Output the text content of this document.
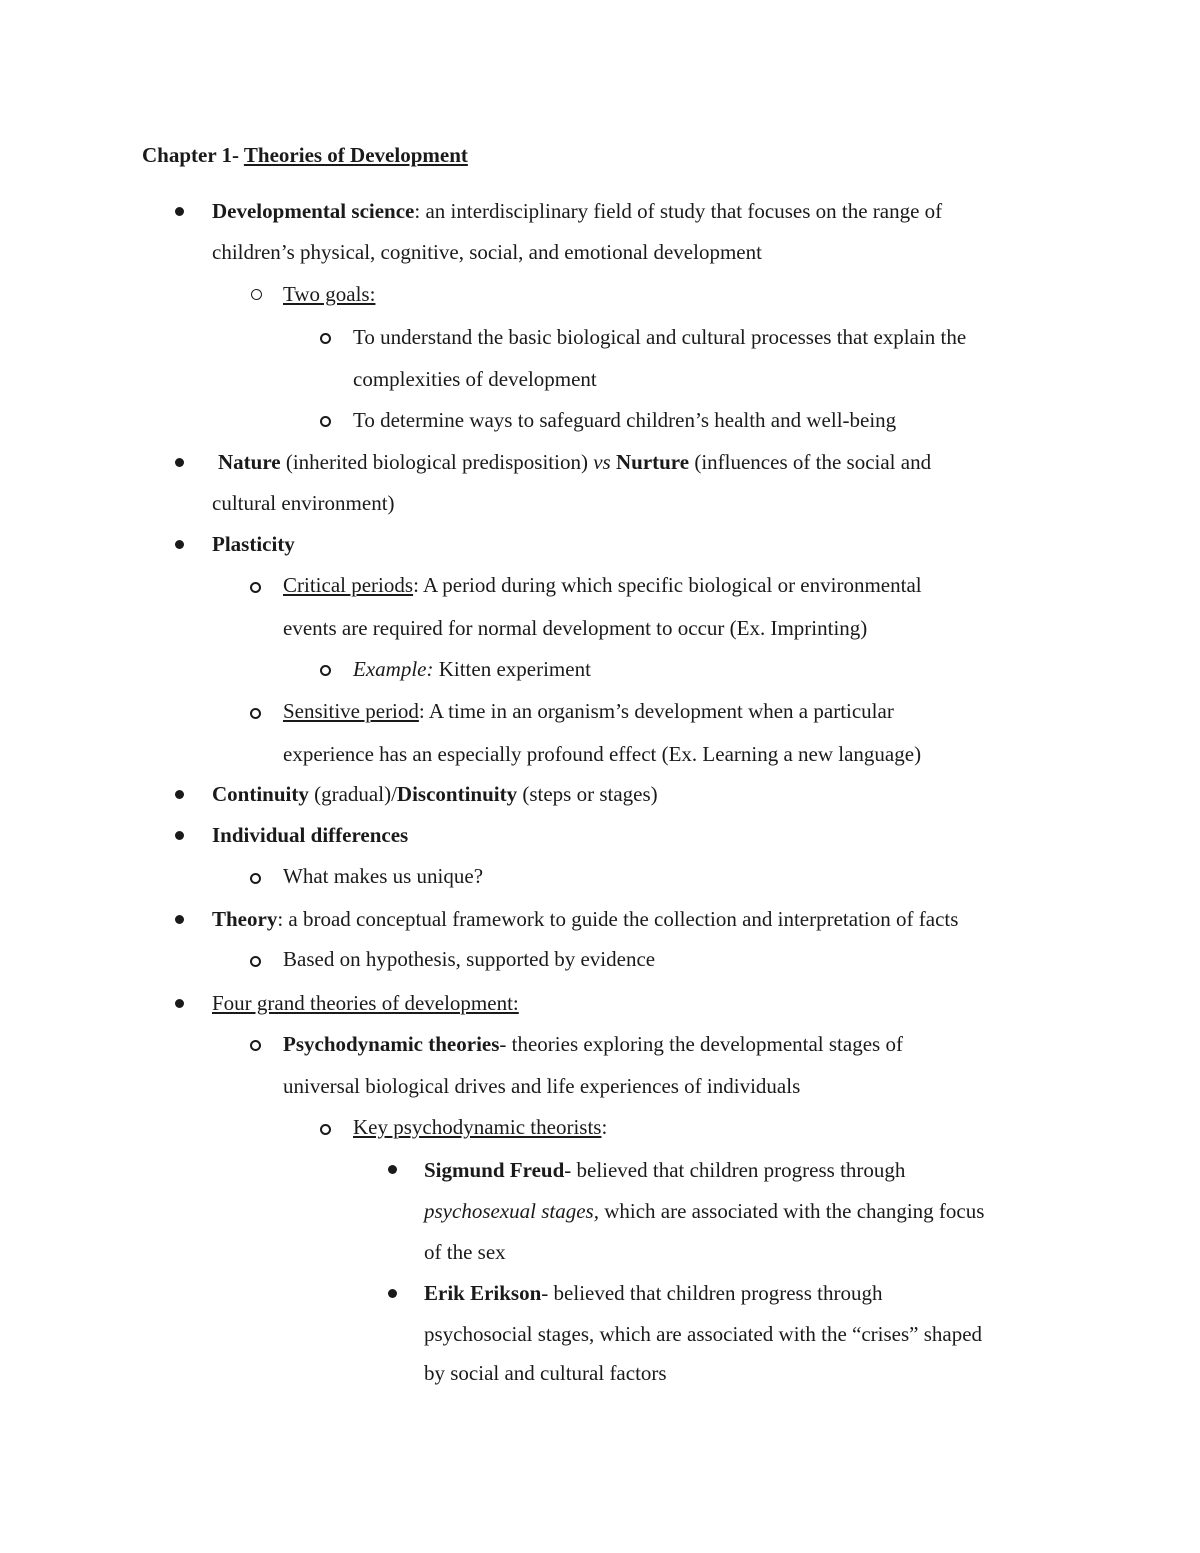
Chapter 1- Theories of Development
Developmental science: an interdisciplinary field of study that focuses on the range of
children’s physical, cognitive, social, and emotional development
Two goals:
To understand the basic biological and cultural processes that explain the
complexities of development
To determine ways to safeguard children’s health and well-being
Nature (inherited biological predisposition) vs Nurture (influences of the social and
cultural environment)
Plasticity
Critical periods: A period during which specific biological or environmental
events are required for normal development to occur (Ex. Imprinting)
Example: Kitten experiment
Sensitive period: A time in an organism’s development when a particular
experience has an especially profound effect (Ex. Learning a new language)
Continuity (gradual)/Discontinuity (steps or stages)
Individual differences
What makes us unique?
Theory: a broad conceptual framework to guide the collection and interpretation of facts
Based on hypothesis, supported by evidence
Four grand theories of development:
Psychodynamic theories- theories exploring the developmental stages of
universal biological drives and life experiences of individuals
Key psychodynamic theorists:
Sigmund Freud- believed that children progress through
psychosexual stages, which are associated with the changing focus
of the sex
Erik Erikson- believed that children progress through
psychosocial stages, which are associated with the “crises” shaped
by social and cultural factors
